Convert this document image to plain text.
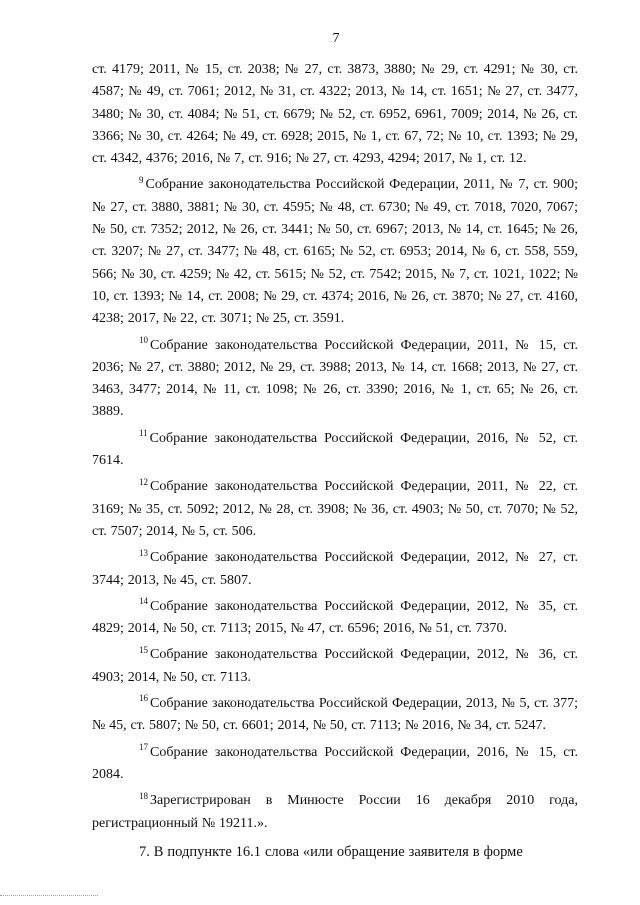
7

ст. 4179; 2011, № 15, ст. 2038; № 27, ст. 3873, 3880; № 29, ст. 4291; № 30, ст. 4587; № 49, ст. 7061; 2012, № 31, ст. 4322; 2013, № 14, ст. 1651; № 27, ст. 3477, 3480; № 30, ст. 4084; № 51, ст. 6679; № 52, ст. 6952, 6961, 7009; 2014, № 26, ст. 3366; № 30, ст. 4264; № 49, ст. 6928; 2015, № 1, ст. 67, 72; № 10, ст. 1393; № 29, ст. 4342, 4376; 2016, № 7, ст. 916; № 27, ст. 4293, 4294; 2017, № 1, ст. 12.

$^9$ Собрание законодательства Российской Федерации, 2011, № 7, ст. 900; № 27, ст. 3880, 3881; № 30, ст. 4595; № 48, ст. 6730; № 49, ст. 7018, 7020, 7067; № 50, ст. 7352; 2012, № 26, ст. 3441; № 50, ст. 6967; 2013, № 14, ст. 1645; № 26, ст. 3207; № 27, ст. 3477; № 48, ст. 6165; № 52, ст. 6953; 2014, № 6, ст. 558, 559, 566; № 30, ст. 4259; № 42, ст. 5615; № 52, ст. 7542; 2015, № 7, ст. 1021, 1022; № 10, ст. 1393; № 14, ст. 2008; № 29, ст. 4374; 2016, № 26, ст. 3870; № 27, ст. 4160, 4238; 2017, № 22, ст. 3071; № 25, ст. 3591.

$^{10}$ Собрание законодательства Российской Федерации, 2011, № 15, ст. 2036; № 27, ст. 3880; 2012, № 29, ст. 3988; 2013, № 14, ст. 1668; 2013, № 27, ст. 3463, 3477; 2014, № 11, ст. 1098; № 26, ст. 3390; 2016, № 1, ст. 65; № 26, ст. 3889.

$^{11}$ Собрание законодательства Российской Федерации, 2016, № 52, ст. 7614.

$^{12}$ Собрание законодательства Российской Федерации, 2011, № 22, ст. 3169; № 35, ст. 5092; 2012, № 28, ст. 3908; № 36, ст. 4903; № 50, ст. 7070; № 52, ст. 7507; 2014, № 5, ст. 506.

$^{13}$ Собрание законодательства Российской Федерации, 2012, № 27, ст. 3744; 2013, № 45, ст. 5807.

$^{14}$ Собрание законодательства Российской Федерации, 2012, № 35, ст. 4829; 2014, № 50, ст. 7113; 2015, № 47, ст. 6596; 2016, № 51, ст. 7370.

$^{15}$ Собрание законодательства Российской Федерации, 2012, № 36, ст. 4903; 2014, № 50, ст. 7113.

$^{16}$ Собрание законодательства Российской Федерации, 2013, № 5, ст. 377; № 45, ст. 5807; № 50, ст. 6601; 2014, № 50, ст. 7113; № 2016, № 34, ст. 5247.

$^{17}$ Собрание законодательства Российской Федерации, 2016, № 15, ст. 2084.

$^{18}$ Зарегистрирован в Минюсте России 16 декабря 2010 года, регистрационный № 19211.».

7. В подпункте 16.1 слова «или обращение заявителя в форме
